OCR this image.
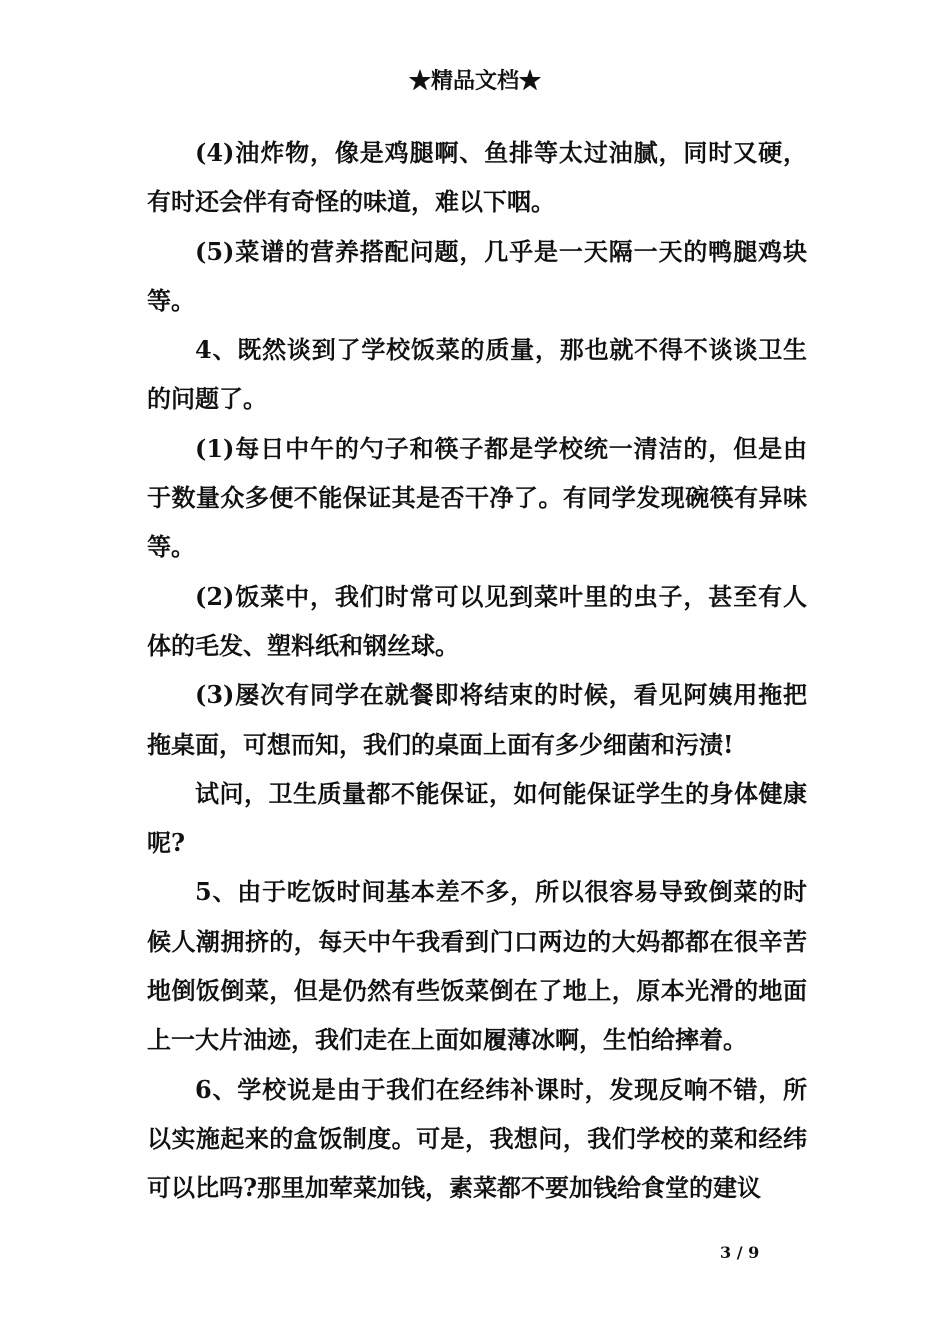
★精品文档★

(4)油炸物，像是鸡腿啊、鱼排等太过油腻，同时又硬，有时还会伴有奇怪的味道，难以下咽。

(5)菜谱的营养搭配问题，几乎是一天隔一天的鸭腿鸡块等。

4、既然谈到了学校饭菜的质量，那也就不得不谈谈卫生的问题了。

(1)每日中午的勺子和筷子都是学校统一清洁的，但是由于数量众多便不能保证其是否干净了。有同学发现碗筷有异味等。

(2)饭菜中，我们时常可以见到菜叶里的虫子，甚至有人体的毛发、塑料纸和钢丝球。

(3)屡次有同学在就餐即将结束的时候，看见阿姨用拖把拖桌面，可想而知，我们的桌面上面有多少细菌和污渍!

试问，卫生质量都不能保证，如何能保证学生的身体健康呢?

5、由于吃饭时间基本差不多，所以很容易导致倒菜的时候人潮拥挤的，每天中午我看到门口两边的大妈都都在很辛苦地倒饭倒菜，但是仍然有些饭菜倒在了地上，原本光滑的地面上一大片油迹，我们走在上面如履薄冰啊，生怕给摔着。

6、学校说是由于我们在经纬补课时，发现反响不错，所以实施起来的盒饭制度。可是，我想问，我们学校的菜和经纬可以比吗?那里加荤菜加钱，素菜都不要加钱给食堂的建议

3 / 9
